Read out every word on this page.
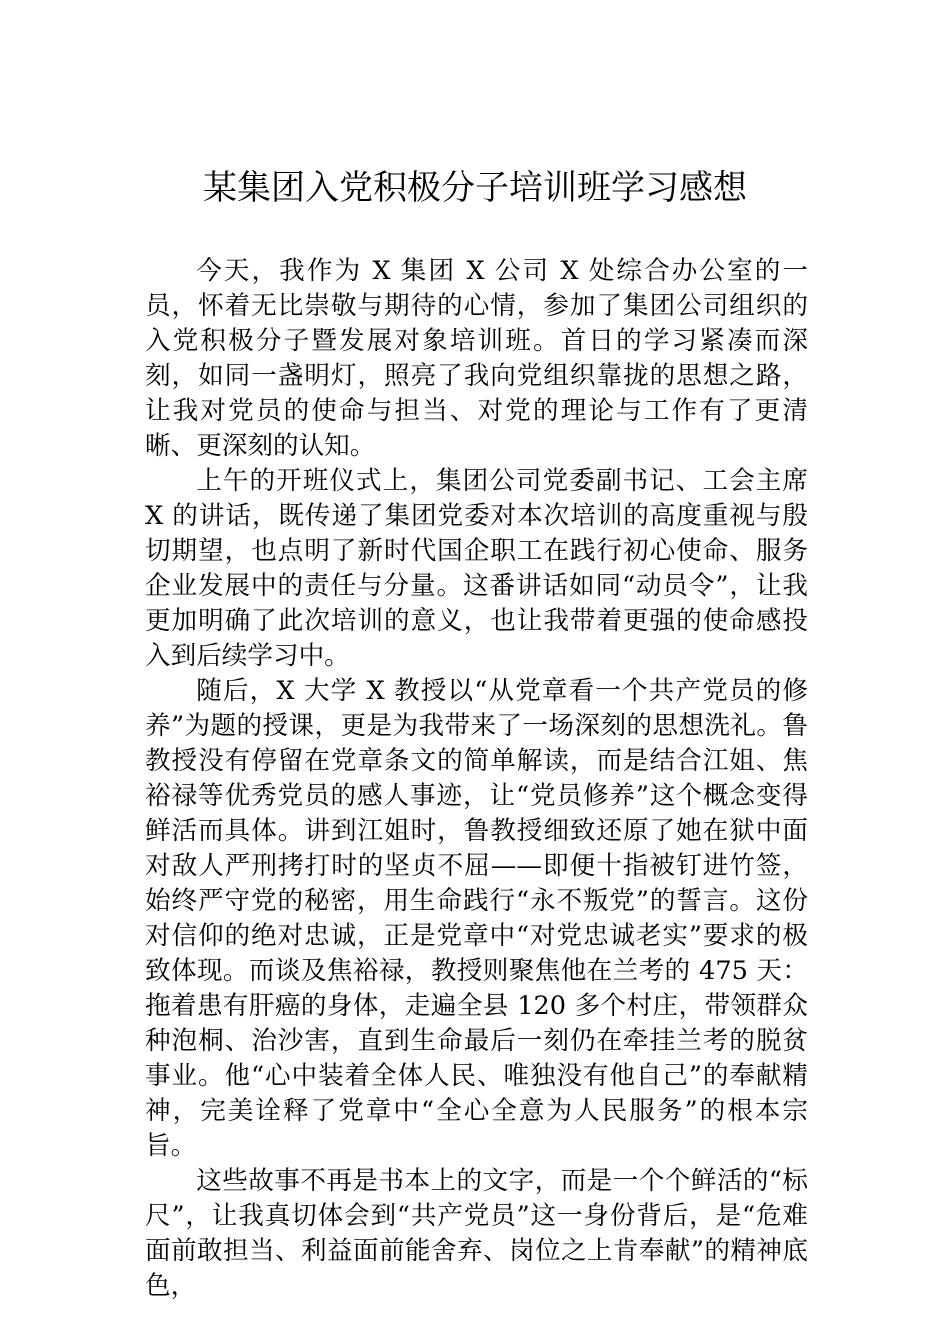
某集团入党积极分子培训班学习感想

今天，我作为 X 集团 X 公司 X 处综合办公室的一员，怀着无比崇敬与期待的心情，参加了集团公司组织的入党积极分子暨发展对象培训班。首日的学习紧凑而深刻，如同一盏明灯，照亮了我向党组织靠拢的思想之路，让我对党员的使命与担当、对党的理论与工作有了更清晰、更深刻的认知。

上午的开班仪式上，集团公司党委副书记、工会主席 X 的讲话，既传递了集团党委对本次培训的高度重视与殷切期望，也点明了新时代国企职工在践行初心使命、服务企业发展中的责任与分量。这番讲话如同“动员令”，让我更加明确了此次培训的意义，也让我带着更强的使命感投入到后续学习中。

随后，X 大学 X 教授以“从党章看一个共产党员的修养”为题的授课，更是为我带来了一场深刻的思想洗礼。鲁教授没有停留在党章条文的简单解读，而是结合江姐、焦裕禄等优秀党员的感人事迹，让“党员修养”这个概念变得鲜活而具体。讲到江姐时，鲁教授细致还原了她在狱中面对敌人严刑拷打时的坚贞不屈——即便十指被钉进竹签，始终严守党的秘密，用生命践行“永不叛党”的誓言。这份对信仰的绝对忠诚，正是党章中“对党忠诚老实”要求的极致体现。而谈及焦裕禄，教授则聚焦他在兰考的 475 天：拖着患有肝癌的身体，走遍全县 120 多个村庄，带领群众种泡桐、治沙害，直到生命最后一刻仍在牵挂兰考的脱贫事业。他“心中装着全体人民、唯独没有他自己”的奉献精神，完美诠释了党章中“全心全意为人民服务”的根本宗旨。

这些故事不再是书本上的文字，而是一个个鲜活的“标尺”，让我真切体会到“共产党员”这一身份背后，是“危难面前敢担当、利益面前能舍弃、岗位之上肯奉献”的精神底色，
